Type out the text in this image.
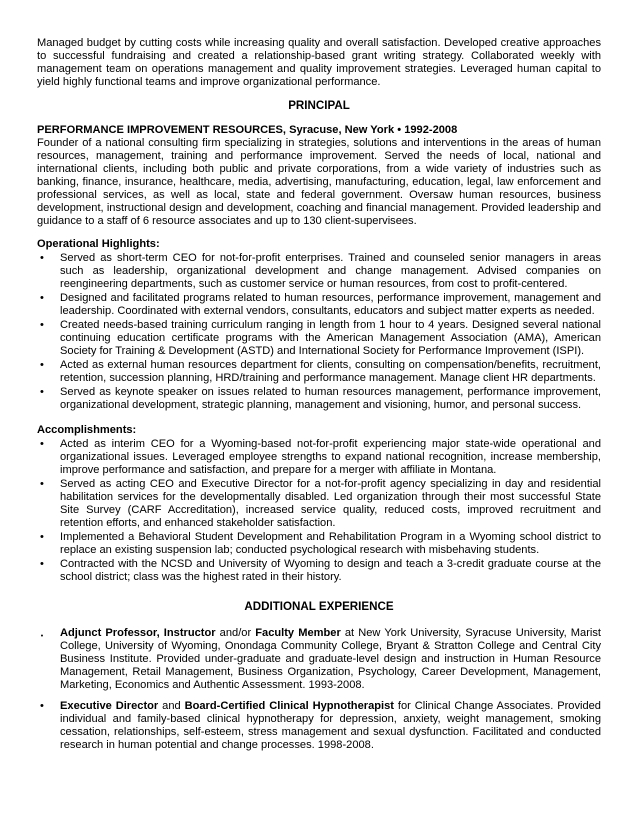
Managed budget by cutting costs while increasing quality and overall satisfaction. Developed creative approaches to successful fundraising and created a relationship-based grant writing strategy. Collaborated weekly with management team on operations management and quality improvement strategies. Leveraged human capital to yield highly functional teams and improve organizational performance.

PRINCIPAL

PERFORMANCE IMPROVEMENT RESOURCES, Syracuse, New York • 1992-2008

Founder of a national consulting firm specializing in strategies, solutions and interventions in the areas of human resources, management, training and performance improvement. Served the needs of local, national and international clients, including both public and private corporations, from a wide variety of industries such as banking, finance, insurance, healthcare, media, advertising, manufacturing, education, legal, law enforcement and professional services, as well as local, state and federal government. Oversaw human resources, business development, instructional design and development, coaching and financial management. Provided leadership and guidance to a staff of 6 resource associates and up to 130 client-supervisees.

Operational Highlights:
• Served as short-term CEO for not-for-profit enterprises. Trained and counseled senior managers in areas such as leadership, organizational development and change management. Advised companies on reengineering departments, such as customer service or human resources, from cost to profit-centered.
• Designed and facilitated programs related to human resources, performance improvement, management and leadership. Coordinated with external vendors, consultants, educators and subject matter experts as needed.
• Created needs-based training curriculum ranging in length from 1 hour to 4 years. Designed several national continuing education certificate programs with the American Management Association (AMA), American Society for Training & Development (ASTD) and International Society for Performance Improvement (ISPI).
• Acted as external human resources department for clients, consulting on compensation/benefits, recruitment, retention, succession planning, HRD/training and performance management. Manage client HR departments.
• Served as keynote speaker on issues related to human resources management, performance improvement, organizational development, strategic planning, management and visioning, humor, and personal success.
Accomplishments:
• Acted as interim CEO for a Wyoming-based not-for-profit experiencing major state-wide operational and organizational issues. Leveraged employee strengths to expand national recognition, increase membership, improve performance and satisfaction, and prepare for a merger with affiliate in Montana.
• Served as acting CEO and Executive Director for a not-for-profit agency specializing in day and residential habilitation services for the developmentally disabled. Led organization through their most successful State Site Survey (CARF Accreditation), increased service quality, reduced costs, improved recruitment and retention efforts, and enhanced stakeholder satisfaction.
• Implemented a Behavioral Student Development and Rehabilitation Program in a Wyoming school district to replace an existing suspension lab; conducted psychological research with misbehaving students.
• Contracted with the NCSD and University of Wyoming to design and teach a 3-credit graduate course at the school district; class was the highest rated in their history.
ADDITIONAL EXPERIENCE
•	Adjunct Professor, Instructor and/or Faculty Member at New York University, Syracuse University, Marist College, University of Wyoming, Onondaga Community College, Bryant & Stratton College and Central City Business Institute. Provided under-graduate and graduate-level design and instruction in Human Resource Management, Retail Management, Business Organization, Psychology, Career Development, Management, Marketing, Economics and Authentic Assessment. 1993-2008.
• Executive Director and Board-Certified Clinical Hypnotherapist for Clinical Change Associates. Provided individual and family-based clinical hypnotherapy for depression, anxiety, weight management, smoking cessation, relationships, self-esteem, stress management and sexual dysfunction. Facilitated and conducted research in human potential and change processes. 1998-2008.
